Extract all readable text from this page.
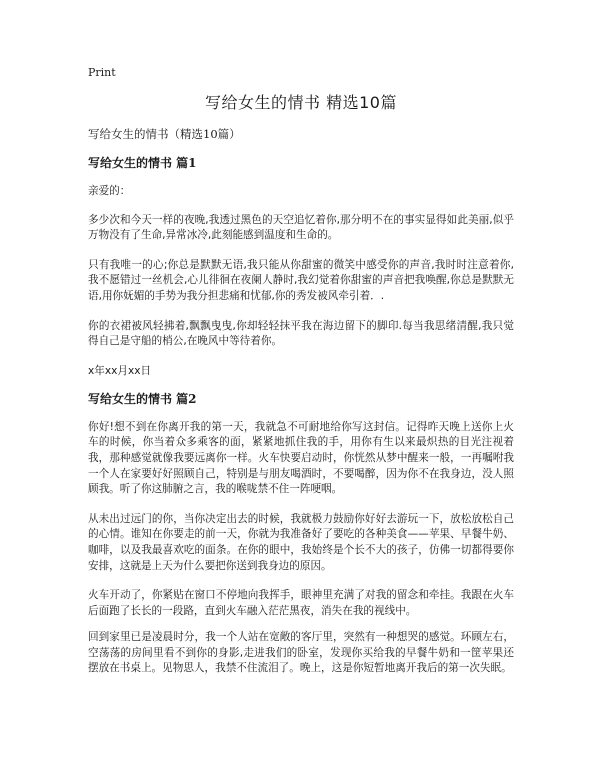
Print
写给女生的情书 精选10篇
写给女生的情书（精选10篇）
写给女生的情书 篇1

亲爱的：

多少次和今天一样的夜晚,我透过黑色的天空追忆着你,那分明不在的事实显得如此美丽,似乎万物没有了生命,异常冰冷,此刻能感到温度和生命的。

只有我唯一的心;你总是默默无语,我只能从你甜蜜的微笑中感受你的声音,我时时注意着你,我不愿错过一丝机会,心儿徘徊在夜阑人静时,我幻觉着你甜蜜的声音把我唤醒,你总是默默无语,用你妩媚的手势为我分担悲痛和忧郁,你的秀发被风牵引着．.

你的衣裙被风轻拂着,飘飘曳曳,你却轻轻抹平我在海边留下的脚印.每当我思绪清醒,我只觉得自己是守船的梢公,在晚风中等待着你。

x年xx月xx日
写给女生的情书 篇2

你好!想不到在你离开我的第一天，我就急不可耐地给你写这封信。记得昨天晚上送你上火车的时候，你当着众多乘客的面，紧紧地抓住我的手，用你有生以来最炽热的目光注视着我，那种感觉就像我要远离你一样。火车快要启动时，你恍然从梦中醒来一般，一再嘱咐我一个人在家要好好照顾自己，特别是与朋友喝酒时，不要喝醉，因为你不在我身边，没人照顾我。听了你这肺腑之言，我的喉咙禁不住一阵哽咽。

从未出过远门的你，当你决定出去的时候，我就极力鼓励你好好去游玩一下，放松放松自己的心情。谁知在你要走的前一天，你就为我准备好了要吃的各种美食——苹果、早餐牛奶、咖啡，以及我最喜欢吃的面条。在你的眼中，我始终是个长不大的孩子，仿佛一切都得要你安排，这就是上天为什么要把你送到我身边的原因。

火车开动了，你紧贴在窗口不停地向我挥手，眼神里充满了对我的留念和牵挂。我跟在火车后面跑了长长的一段路，直到火车融入茫茫黑夜，消失在我的视线中。

回到家里已是凌晨时分，我一个人站在宽敞的客厅里，突然有一种想哭的感觉。环顾左右，空荡荡的房间里看不到你的身影,走进我们的卧室，发现你买给我的早餐牛奶和一筐苹果还摆放在书桌上。见物思人，我禁不住流泪了。晚上，这是你短暂地离开我后的第一次失眠。
